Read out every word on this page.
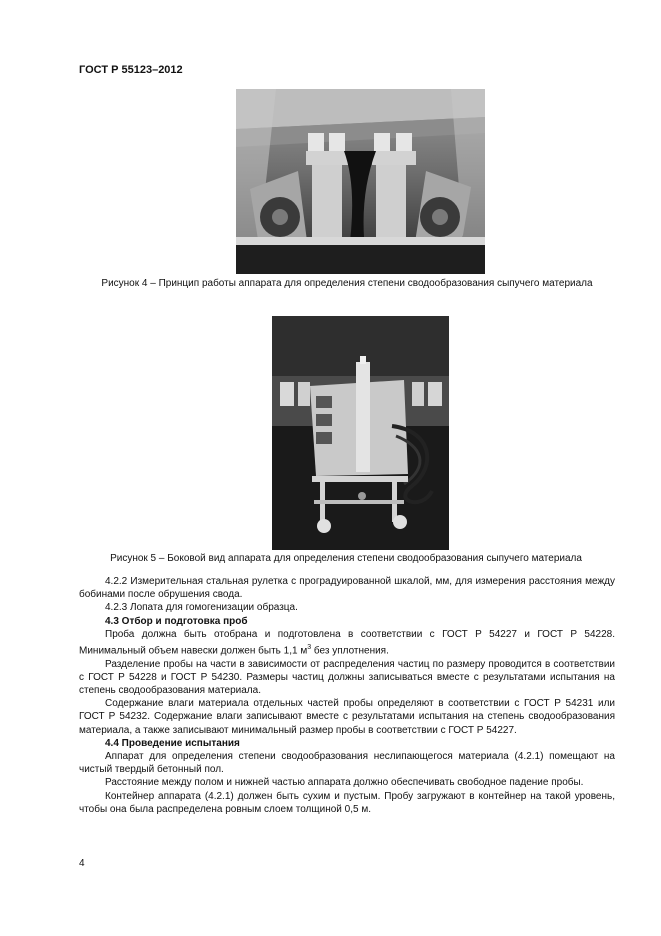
ГОСТ Р 55123–2012
Рисунок 4 – Принцип работы аппарата для определения степени сводообразования сыпучего материала
Рисунок 5 – Боковой вид аппарата для определения степени сводообразования сыпучего материала

4.2.2 Измерительная стальная рулетка с проградуированной шкалой, мм, для измерения расстояния между бобинами после обрушения свода.

4.2.3 Лопата для гомогенизации образца.

4.3 Отбор и подготовка проб

Проба должна быть отобрана и подготовлена в соответствии с ГОСТ Р 54227 и ГОСТ Р 54228. Минимальный объем навески должен быть 1,1 $м^3$ без уплотнения.

Разделение пробы на части в зависимости от распределения частиц по размеру проводится в соответствии с ГОСТ Р 54228 и ГОСТ Р 54230. Размеры частиц должны записываться вместе с результатами испытания на степень сводообразования материала.

Содержание влаги материала отдельных частей пробы определяют в соответствии с ГОСТ Р 54231 или ГОСТ Р 54232. Содержание влаги записывают вместе с результатами испытания на степень сводообразования материала, а также записывают минимальный размер пробы в соответствии с ГОСТ Р 54227.

4.4 Проведение испытания

Аппарат для определения степени сводообразования неслипающегося материала (4.2.1) помещают на чистый твердый бетонный пол.

Расстояние между полом и нижней частью аппарата должно обеспечивать свободное падение пробы.

Контейнер аппарата (4.2.1) должен быть сухим и пустым. Пробу загружают в контейнер на такой уровень, чтобы она была распределена ровным слоем толщиной 0,5 м.

4
